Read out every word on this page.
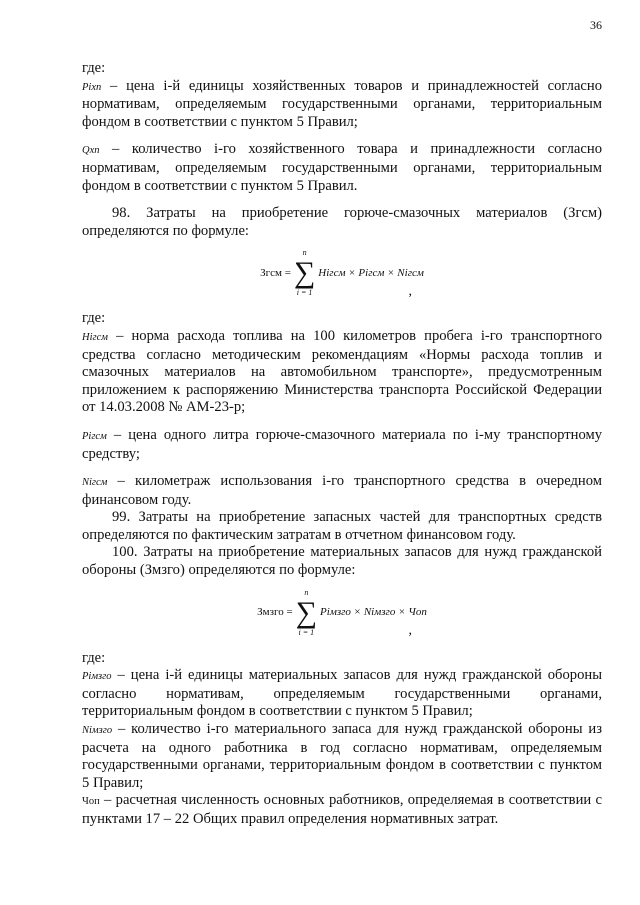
36

где:

Pixn – цена i-й единицы хозяйственных товаров и принадлежностей согласно нормативам, определяемым государственными органами, территориальным фондом в соответствии с пунктом 5 Правил;

Qxn – количество i-го хозяйственного товара и принадлежности согласно нормативам, определяемым государственными органами, территориальным фондом в соответствии с пунктом 5 Правил.

98. Затраты на приобретение горюче-смазочных материалов (Згсм) определяются по формуле:

Згсм =
n
∑
i = 1
Hiгсм × Piгсм × Niгсм
,

где:

Hiгсм – норма расхода топлива на 100 километров пробега i-го транспортного средства согласно методическим рекомендациям «Нормы расхода топлив и смазочных материалов на автомобильном транспорте», предусмотренным приложением к распоряжению Министерства транспорта Российской Федерации от 14.03.2008 № АМ-23-р;

Piгсм – цена одного литра горюче-смазочного материала по i-му транспортному средству;

Niгсм – километраж использования i-го транспортного средства в очередном финансовом году.

99. Затраты на приобретение запасных частей для транспортных средств определяются по фактическим затратам в отчетном финансовом году.

100. Затраты на приобретение материальных запасов для нужд гражданской обороны (Змзго) определяются по формуле:

Змзго =
n
∑
i = 1
Piмзго × Niмзго × Чоп
,

где:

Piмзго – цена i-й единицы материальных запасов для нужд гражданской обороны согласно нормативам, определяемым государственными органами, территориальным фондом в соответствии с пунктом 5 Правил;

Niмзго – количество i-го материального запаса для нужд гражданской обороны из расчета на одного работника в год согласно нормативам, определяемым государственными органами, территориальным фондом в соответствии с пунктом 5 Правил;

Чоп – расчетная численность основных работников, определяемая в соответствии с пунктами 17 – 22 Общих правил определения нормативных затрат.
